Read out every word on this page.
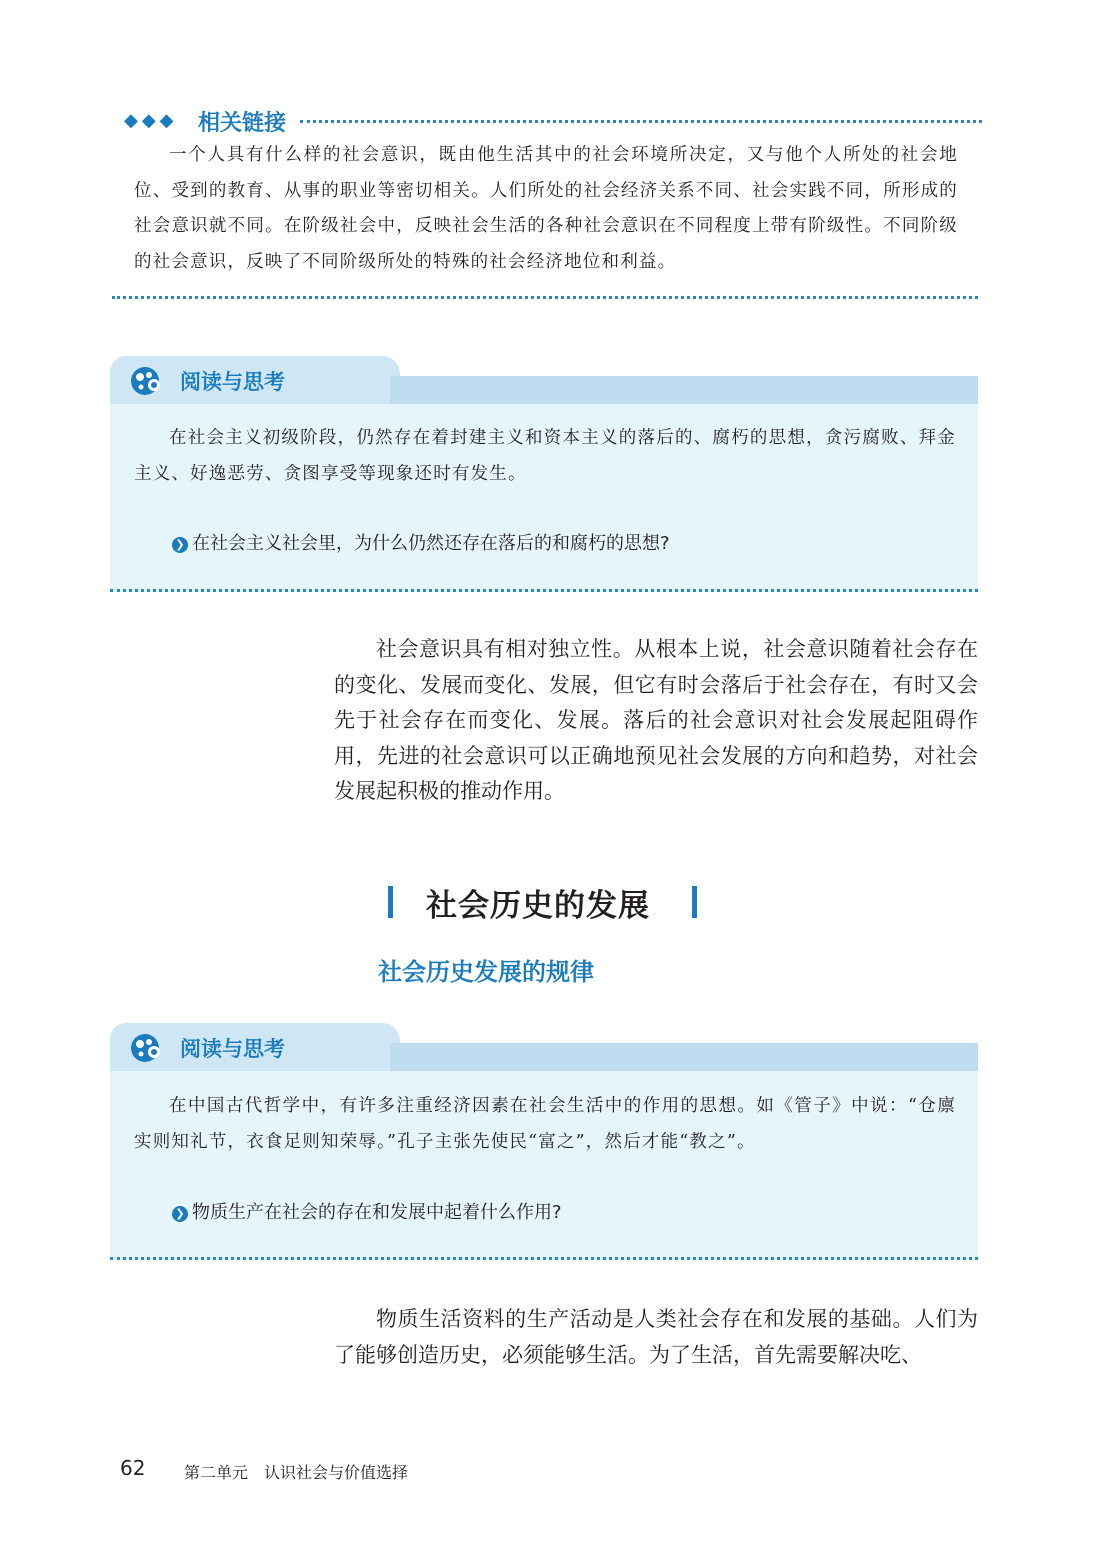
◆◆◆ 相关链接

一个人具有什么样的社会意识，既由他生活其中的社会环境所决定，又与他个人所处的社会地位、受到的教育、从事的职业等密切相关。人们所处的社会经济关系不同、社会实践不同，所形成的社会意识就不同。在阶级社会中，反映社会生活的各种社会意识在不同程度上带有阶级性。不同阶级的社会意识，反映了不同阶级所处的特殊的社会经济地位和利益。

阅读与思考

在社会主义初级阶段，仍然存在着封建主义和资本主义的落后的、腐朽的思想，贪污腐败、拜金主义、好逸恶劳、贪图享受等现象还时有发生。

❯ 在社会主义社会里，为什么仍然还存在落后的和腐朽的思想?

社会意识具有相对独立性。从根本上说，社会意识随着社会存在的变化、发展而变化、发展，但它有时会落后于社会存在，有时又会先于社会存在而变化、发展。落后的社会意识对社会发展起阻碍作用，先进的社会意识可以正确地预见社会发展的方向和趋势，对社会发展起积极的推动作用。

社会历史的发展
社会历史发展的规律
阅读与思考

在中国古代哲学中，有许多注重经济因素在社会生活中的作用的思想。如《管子》中说：“仓廪实则知礼节，衣食足则知荣辱。”孔子主张先使民“富之”，然后才能“教之”。

❯ 物质生产在社会的存在和发展中起着什么作用?

物质生活资料的生产活动是人类社会存在和发展的基础。人们为了能够创造历史，必须能够生活。为了生活，首先需要解决吃、

62 第二单元　认识社会与价值选择
